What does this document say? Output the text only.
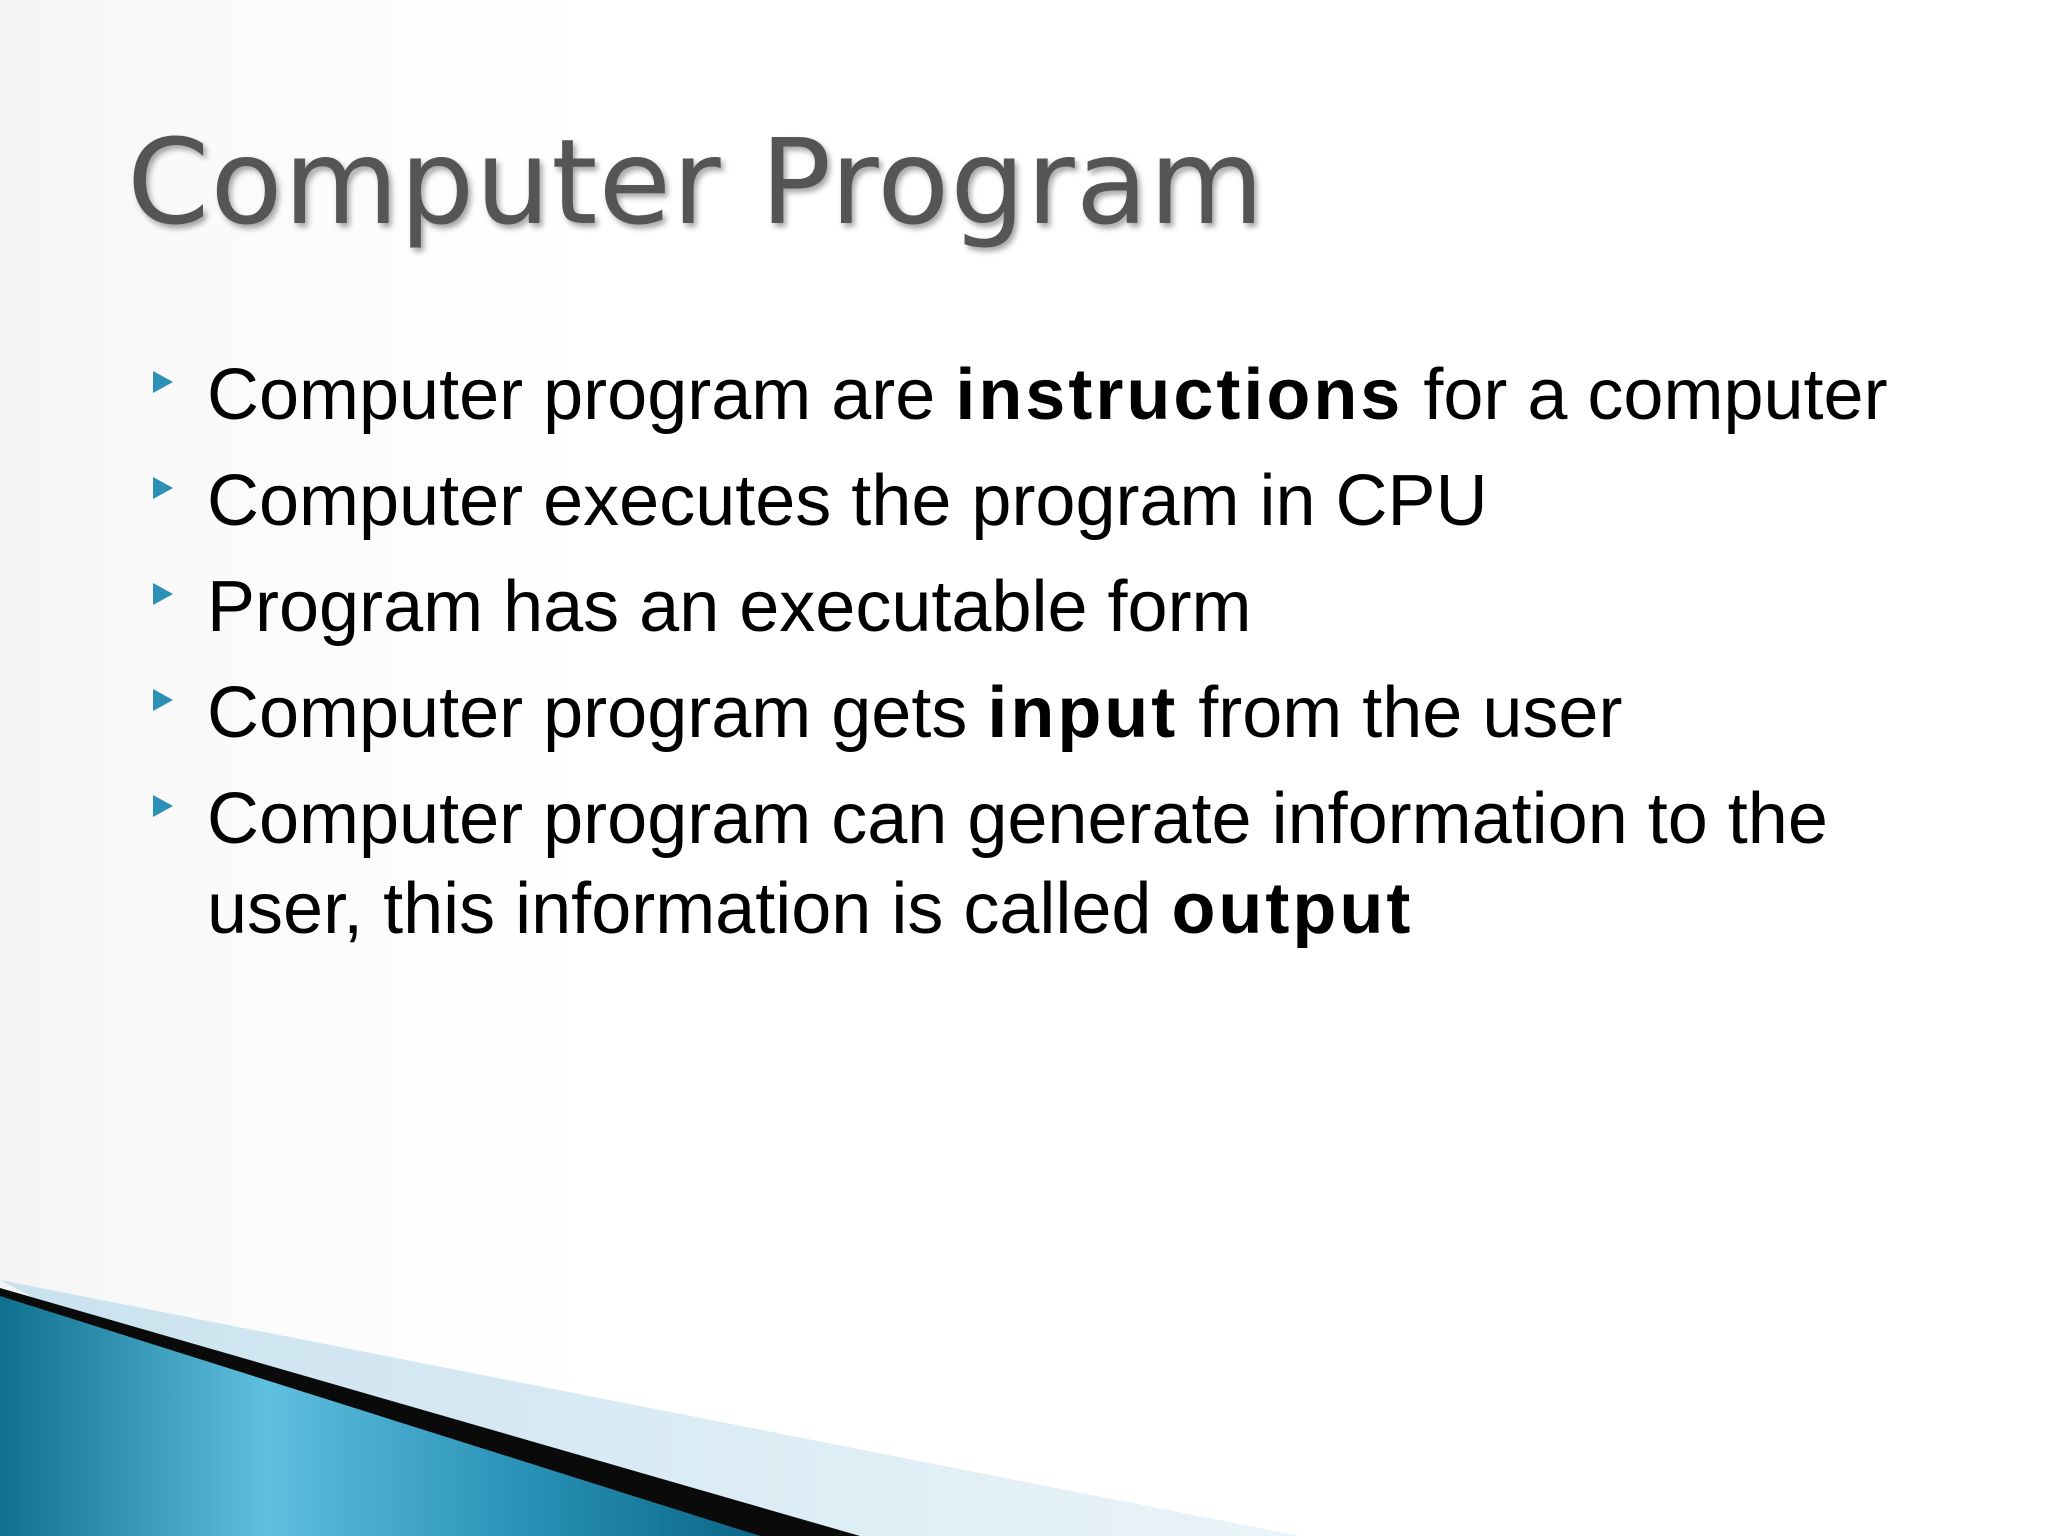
Computer Program
Computer program are instructions for a computer
Computer executes the program in CPU
Program has an executable form
Computer program gets input from the user
Computer program can generate information to the user, this information is called output
